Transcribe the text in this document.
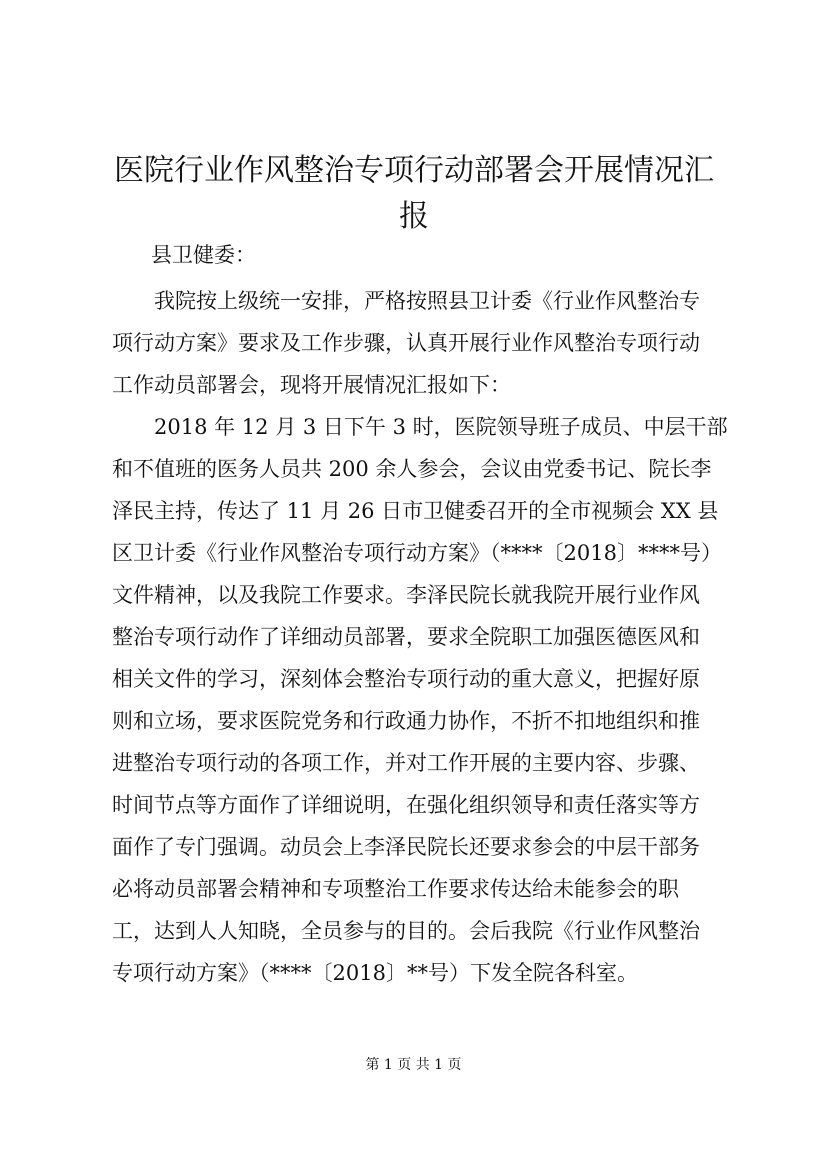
医院行业作风整治专项行动部署会开展情况汇
报

县卫健委：

我院按上级统一安排，严格按照县卫计委《行业作风整治专

项行动方案》要求及工作步骤，认真开展行业作风整治专项行动

工作动员部署会，现将开展情况汇报如下：

2018 年 12 月 3 日下午 3 时，医院领导班子成员、中层干部

和不值班的医务人员共 200 余人参会，会议由党委书记、院长李

泽民主持，传达了 11 月 26 日市卫健委召开的全市视频会 XX 县

区卫计委《行业作风整治专项行动方案》（****〔2018〕****号）

文件精神，以及我院工作要求。李泽民院长就我院开展行业作风

整治专项行动作了详细动员部署，要求全院职工加强医德医风和

相关文件的学习，深刻体会整治专项行动的重大意义，把握好原

则和立场，要求医院党务和行政通力协作，不折不扣地组织和推

进整治专项行动的各项工作，并对工作开展的主要内容、步骤、

时间节点等方面作了详细说明，在强化组织领导和责任落实等方

面作了专门强调。动员会上李泽民院长还要求参会的中层干部务

必将动员部署会精神和专项整治工作要求传达给未能参会的职

工，达到人人知晓，全员参与的目的。会后我院《行业作风整治

专项行动方案》（****〔2018〕**号）下发全院各科室。

第 1 页 共 1 页
